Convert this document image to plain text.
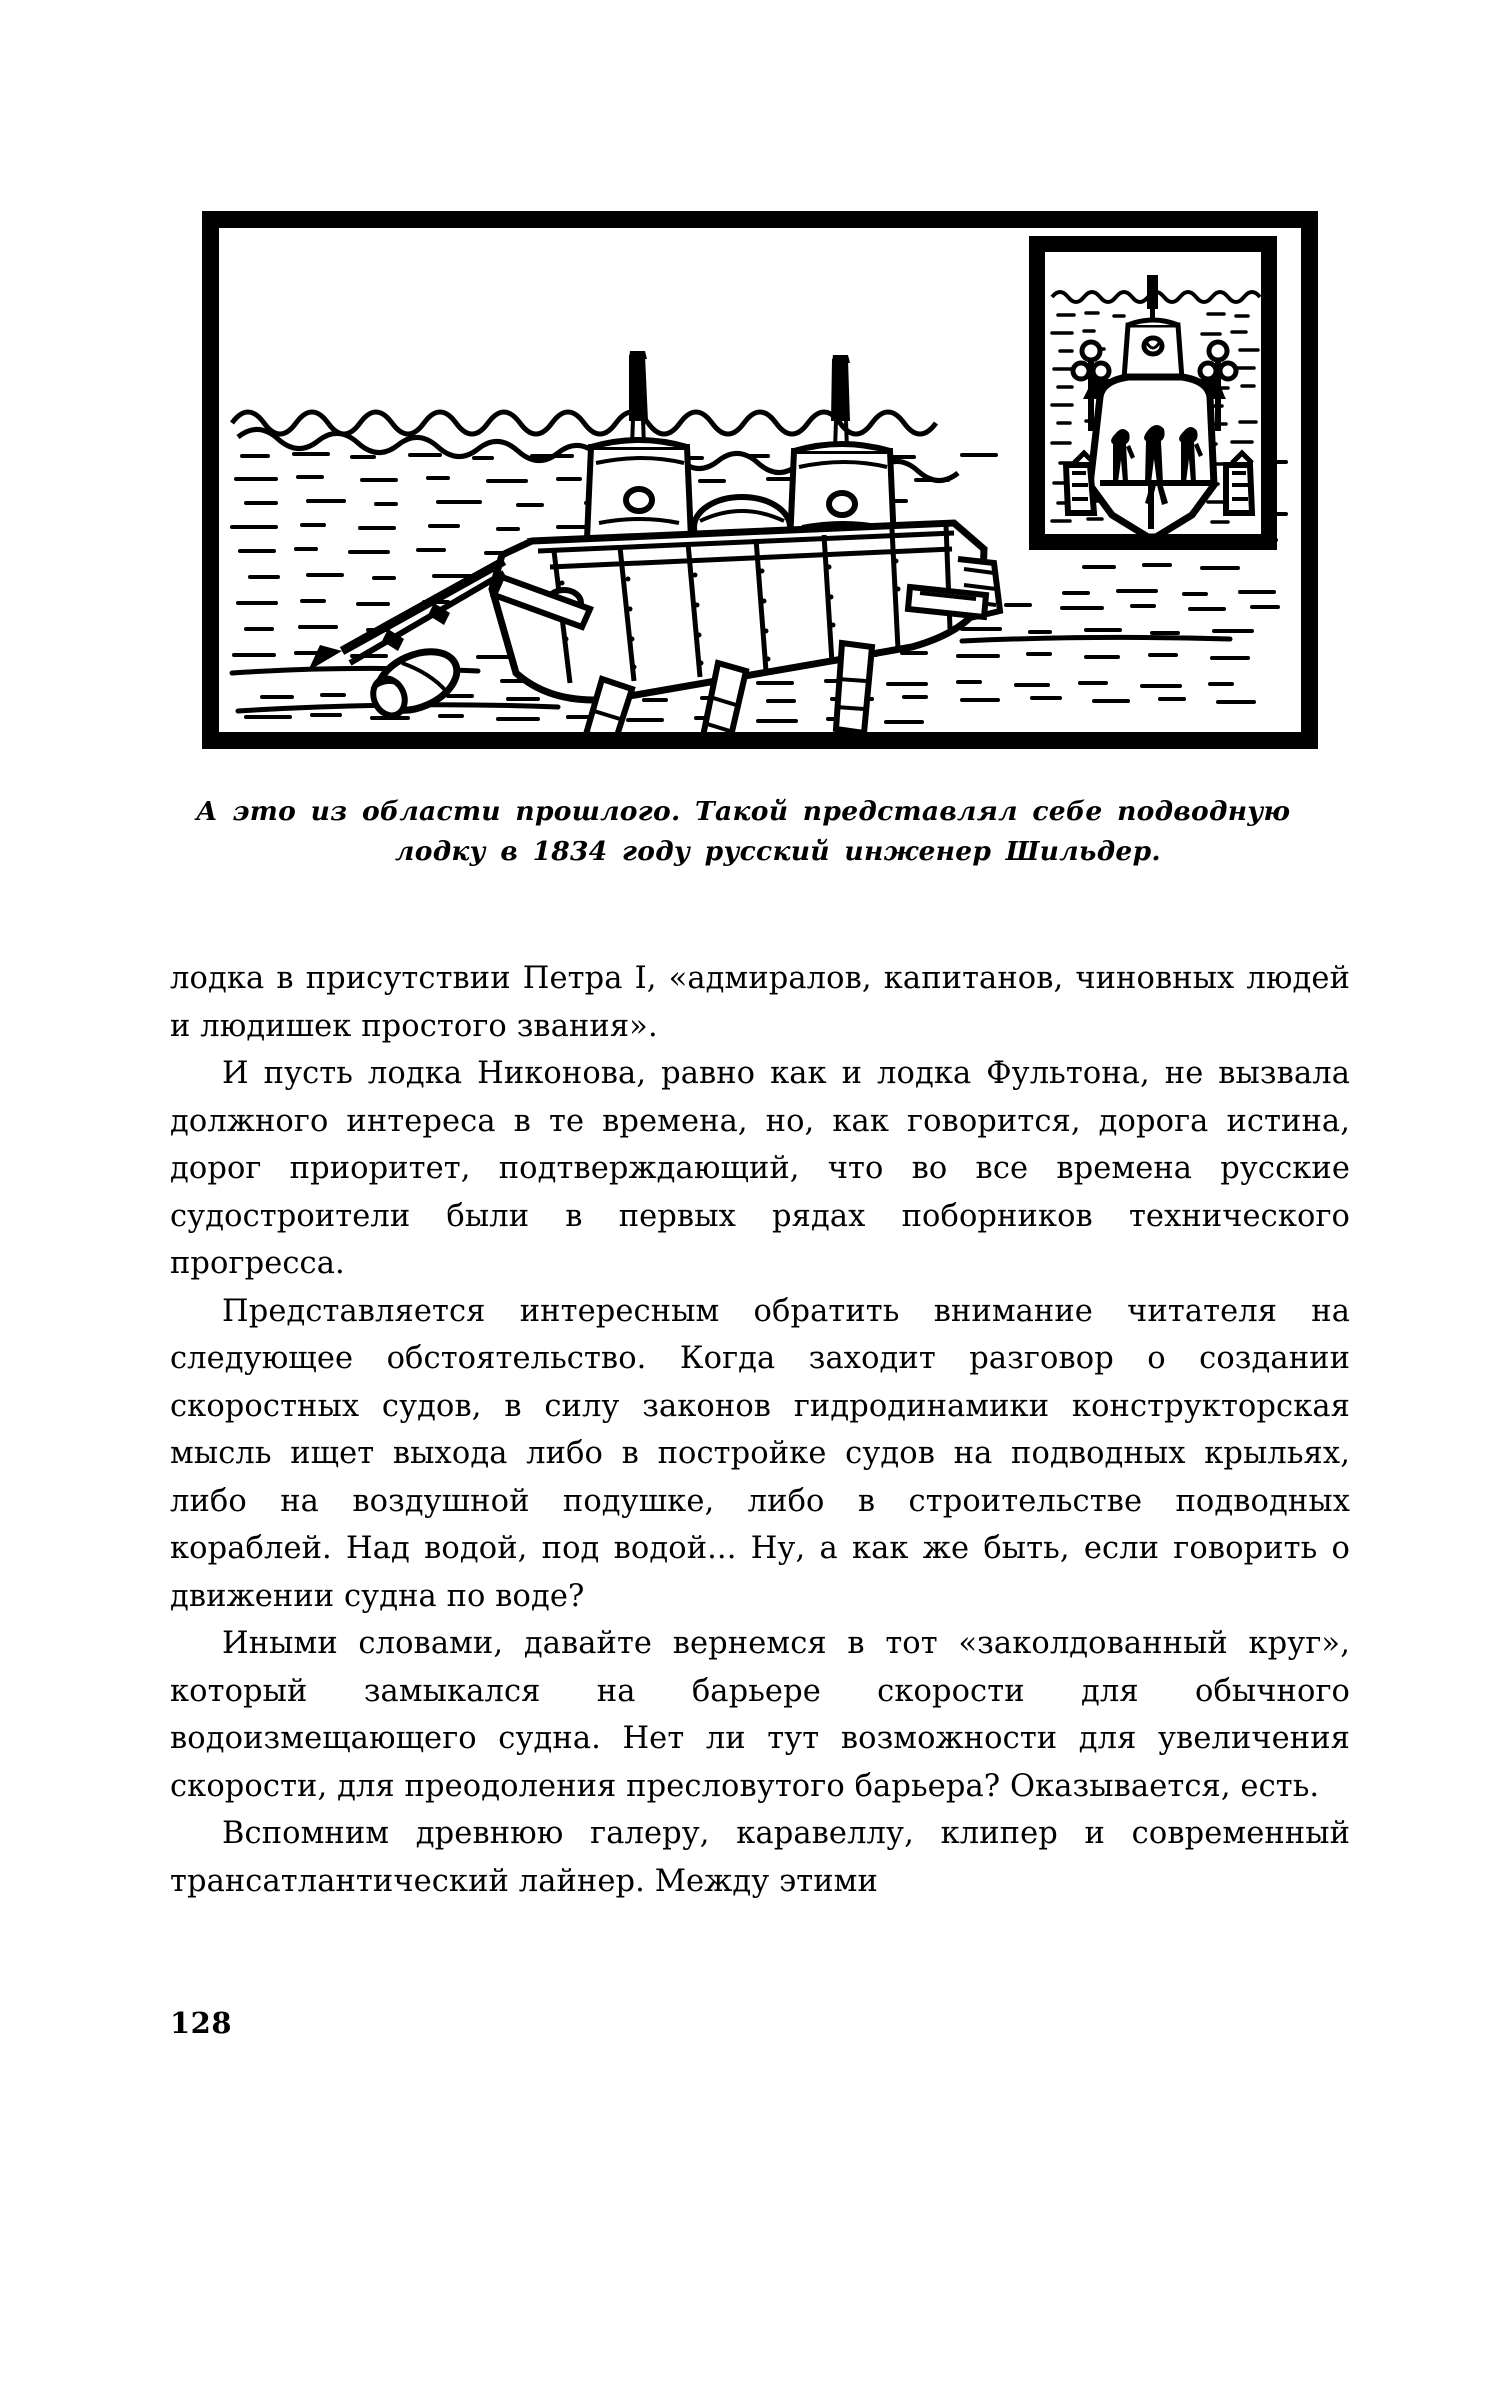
А это из области прошлого. Такой представлял себе подводную
лодку в 1834 году русский инженер Шильдер.

лодка в присутствии Петра I, «адмиралов, капитанов, чиновных людей и людишек простого звания».

И пусть лодка Никонова, равно как и лодка Фультона, не вызвала должного интереса в те времена, но, как говорится, дорога истина, дорог приоритет, подтверждающий, что во все времена русские судостроители были в первых рядах поборников технического прогресса.

Представляется интересным обратить внимание читателя на следующее обстоятельство. Когда заходит разговор о создании скоростных судов, в силу законов гидродинамики конструкторская мысль ищет выхода либо в постройке судов на подводных крыльях, либо на воздушной подушке, либо в строительстве подводных кораблей. Над водой, под водой... Ну, а как же быть, если говорить о движении судна по воде?

Иными словами, давайте вернемся в тот «заколдованный круг», который замыкался на барьере скорости для обычного водоизмещающего судна. Нет ли тут возможности для увеличения скорости, для преодоления пресловутого барьера? Оказывается, есть.

Вспомним древнюю галеру, каравеллу, клипер и современный трансатлантический лайнер. Между этими

128
